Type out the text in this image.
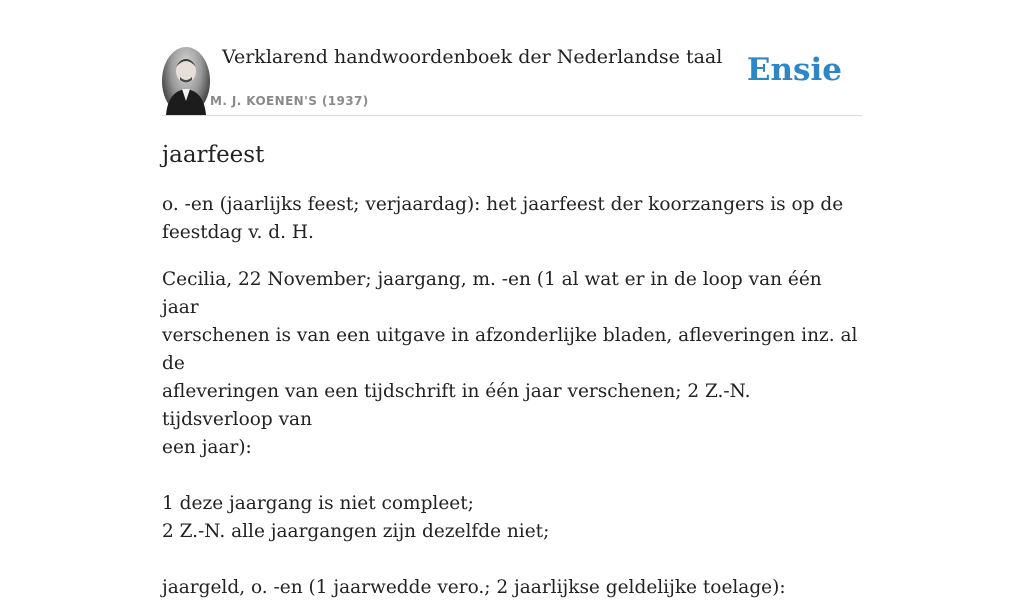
Verklarend handwoordenboek der Nederlandse taal
M. J. KOENEN'S (1937)
Ensie
jaarfeest
o. -en (jaarlijks feest; verjaardag): het jaarfeest der koorzangers is op de feestdag v. d. H.
Cecilia, 22 November; jaargang, m. -en (1 al wat er in de loop van één jaar
verschenen is van een uitgave in afzonderlijke bladen, afleveringen inz. al de
afleveringen van een tijdschrift in één jaar verschenen; 2 Z.-N. tijdsverloop van
een jaar):
1 deze jaargang is niet compleet;
2 Z.-N. alle jaargangen zijn dezelfde niet;
jaargeld, o. -en (1 jaarwedde vero.; 2 jaarlijkse geldelijke toelage):
